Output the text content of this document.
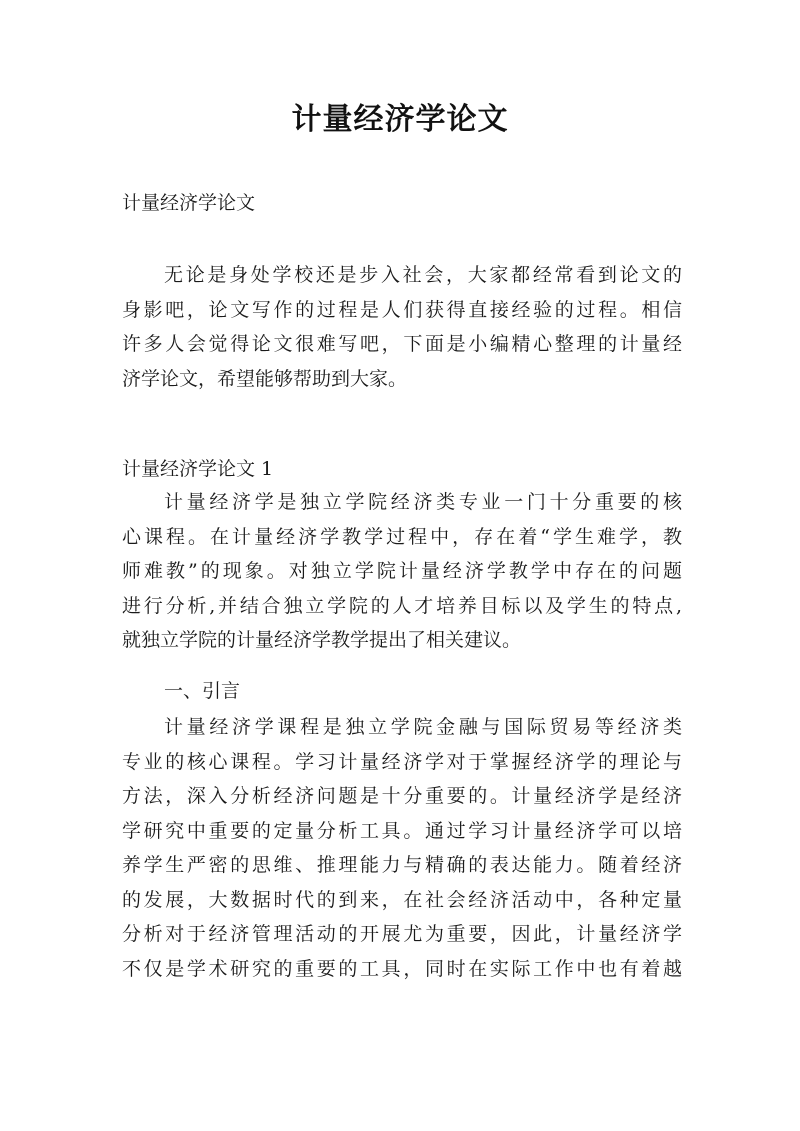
计量经济学论文
计量经济学论文
无论是身处学校还是步入社会，大家都经常看到论文的
身影吧，论文写作的过程是人们获得直接经验的过程。相信
许多人会觉得论文很难写吧，下面是小编精心整理的计量经
济学论文，希望能够帮助到大家。
计量经济学论文 1
计量经济学是独立学院经济类专业一门十分重要的核
心课程。在计量经济学教学过程中，存在着“学生难学，教
师难教”的现象。对独立学院计量经济学教学中存在的问题
进行分析,并结合独立学院的人才培养目标以及学生的特点,
就独立学院的计量经济学教学提出了相关建议。
一、引言
计量经济学课程是独立学院金融与国际贸易等经济类
专业的核心课程。学习计量经济学对于掌握经济学的理论与
方法，深入分析经济问题是十分重要的。计量经济学是经济
学研究中重要的定量分析工具。通过学习计量经济学可以培
养学生严密的思维、推理能力与精确的表达能力。随着经济
的发展，大数据时代的到来，在社会经济活动中，各种定量
分析对于经济管理活动的开展尤为重要，因此，计量经济学
不仅是学术研究的重要的工具，同时在实际工作中也有着越
